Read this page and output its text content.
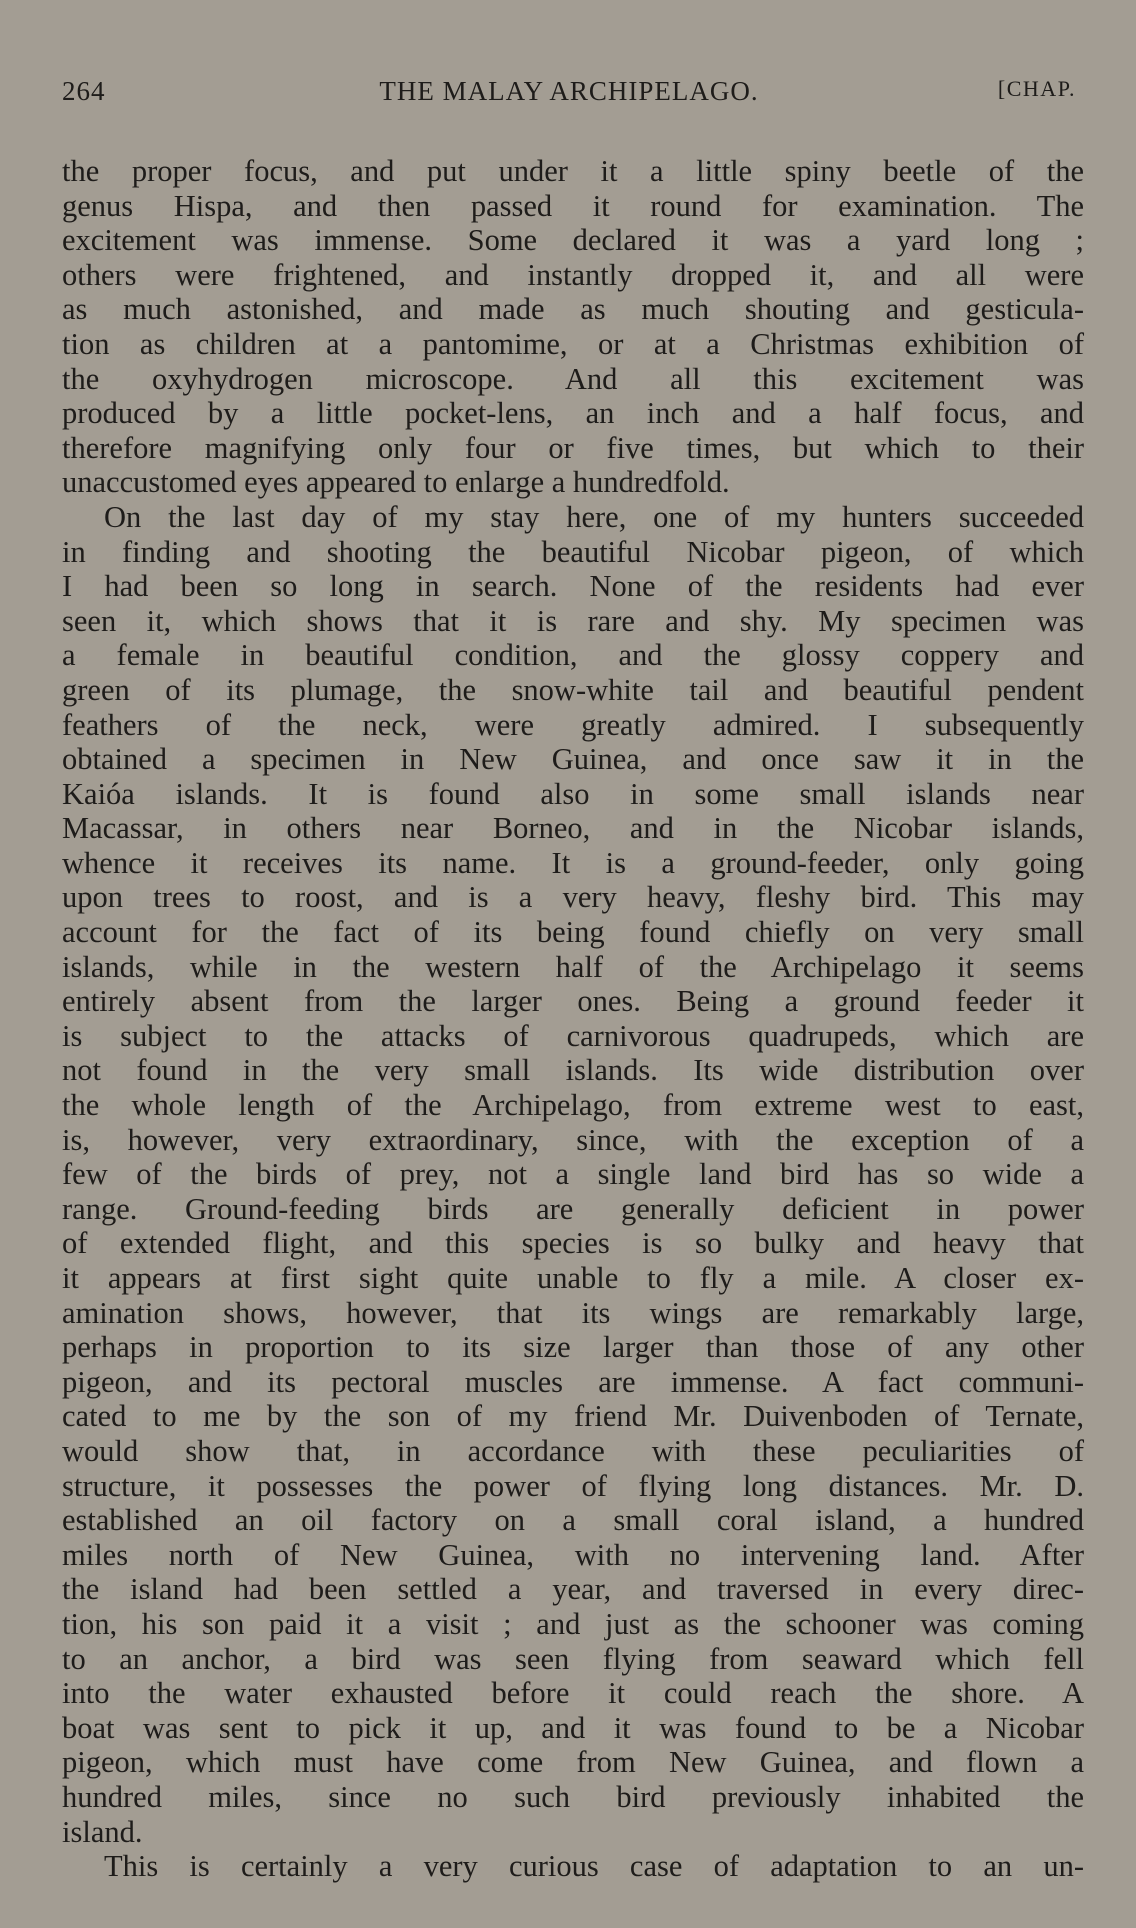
264	THE MALAY ARCHIPELAGO.	[CHAP.
the proper focus, and put under it a little spiny beetle of the
genus Hispa, and then passed it round for examination. The
excitement was immense. Some declared it was a yard long ;
others were frightened, and instantly dropped it, and all were
as much astonished, and made as much shouting and gesticula-
tion as children at a pantomime, or at a Christmas exhibition of
the oxyhydrogen microscope. And all this excitement was
produced by a little pocket-lens, an inch and a half focus, and
therefore magnifying only four or five times, but which to their
unaccustomed eyes appeared to enlarge a hundredfold.
On the last day of my stay here, one of my hunters succeeded
in finding and shooting the beautiful Nicobar pigeon, of which
I had been so long in search. None of the residents had ever
seen it, which shows that it is rare and shy. My specimen was
a female in beautiful condition, and the glossy coppery and
green of its plumage, the snow-white tail and beautiful pendent
feathers of the neck, were greatly admired. I subsequently
obtained a specimen in New Guinea, and once saw it in the
Kaióa islands. It is found also in some small islands near
Macassar, in others near Borneo, and in the Nicobar islands,
whence it receives its name. It is a ground-feeder, only going
upon trees to roost, and is a very heavy, fleshy bird. This may
account for the fact of its being found chiefly on very small
islands, while in the western half of the Archipelago it seems
entirely absent from the larger ones. Being a ground feeder it
is subject to the attacks of carnivorous quadrupeds, which are
not found in the very small islands. Its wide distribution over
the whole length of the Archipelago, from extreme west to east,
is, however, very extraordinary, since, with the exception of a
few of the birds of prey, not a single land bird has so wide a
range. Ground-feeding birds are generally deficient in power
of extended flight, and this species is so bulky and heavy that
it appears at first sight quite unable to fly a mile. A closer ex-
amination shows, however, that its wings are remarkably large,
perhaps in proportion to its size larger than those of any other
pigeon, and its pectoral muscles are immense. A fact communi-
cated to me by the son of my friend Mr. Duivenboden of Ternate,
would show that, in accordance with these peculiarities of
structure, it possesses the power of flying long distances. Mr. D.
established an oil factory on a small coral island, a hundred
miles north of New Guinea, with no intervening land. After
the island had been settled a year, and traversed in every direc-
tion, his son paid it a visit ; and just as the schooner was coming
to an anchor, a bird was seen flying from seaward which fell
into the water exhausted before it could reach the shore. A
boat was sent to pick it up, and it was found to be a Nicobar
pigeon, which must have come from New Guinea, and flown a
hundred miles, since no such bird previously inhabited the
island.
This is certainly a very curious case of adaptation to an un-
